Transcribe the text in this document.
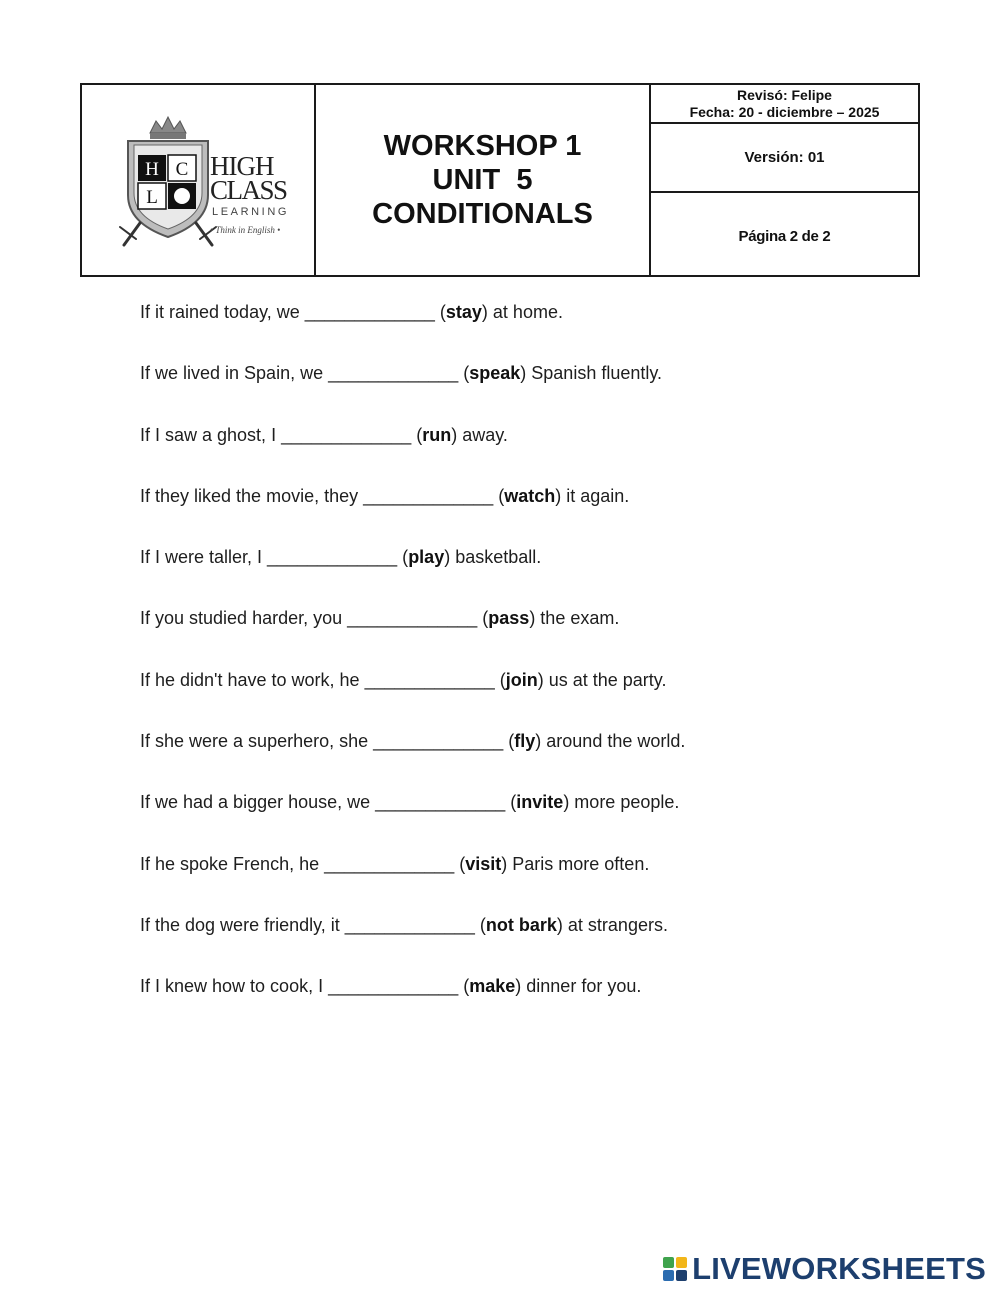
H C
L
HIGH
CLASS
LEARNING
• Think in English •
WORKSHOP 1
UNIT  5
CONDITIONALS
Revisó: Felipe
Fecha: 20 - diciembre – 2025
Versión: 01
Página 2 de 2
If it rained today, we _____________ (stay) at home.
If we lived in Spain, we _____________ (speak) Spanish fluently.
If I saw a ghost, I _____________ (run) away.
If they liked the movie, they _____________ (watch) it again.
If I were taller, I _____________ (play) basketball.
If you studied harder, you _____________ (pass) the exam.
If he didn't have to work, he _____________ (join) us at the party.
If she were a superhero, she _____________ (fly) around the world.
If we had a bigger house, we _____________ (invite) more people.
If he spoke French, he _____________ (visit) Paris more often.
If the dog were friendly, it _____________ (not bark) at strangers.
If I knew how to cook, I _____________ (make) dinner for you.
LIVEWORKSHEETS
